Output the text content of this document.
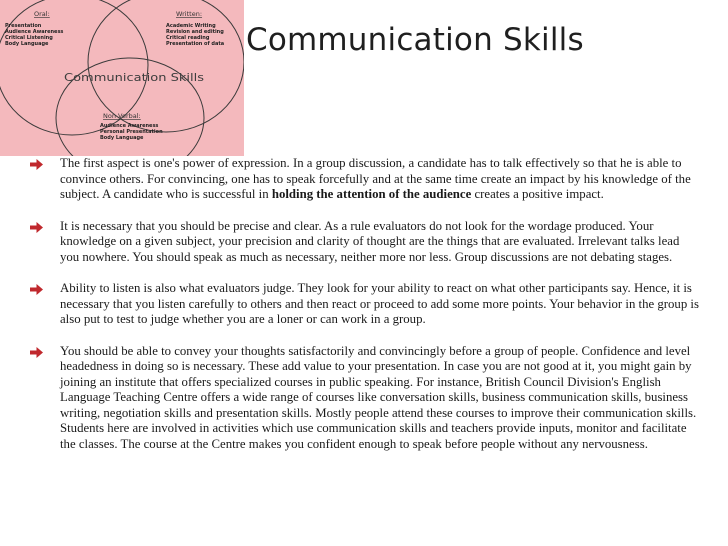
Communication Skills
Oral:
Presentation
Audience Awareness
Critical Listening
Body Language
Written:
Academic Writing
Revision and editing
Critical reading
Presentation of data
Communication Skills
Non Verbal:
Audience Awareness
Personal Presentation
Body Language
The first aspect is one's power of expression. In a group discussion, a candidate has to talk effectively so that he is able to convince others. For convincing, one has to speak forcefully and at the same time create an impact by his knowledge of the subject. A candidate who is successful in holding the attention of the audience creates a positive impact.
It is necessary that you should be precise and clear. As a rule evaluators do not look for the wordage produced. Your knowledge on a given subject, your precision and clarity of thought are the things that are evaluated. Irrelevant talks lead you nowhere. You should speak as much as necessary, neither more nor less. Group discussions are not debating stages.
Ability to listen is also what evaluators judge. They look for your ability to react on what other participants say. Hence, it is necessary that you listen carefully to others and then react or proceed to add some more points. Your behavior in the group is also put to test to judge whether you are a loner or can work in a group.
You should be able to convey your thoughts satisfactorily and convincingly before a group of people. Confidence and level headedness in doing so is necessary. These add value to your presentation. In case you are not good at it, you might gain by joining an institute that offers specialized courses in public speaking. For instance, British Council Division's English Language Teaching Centre offers a wide range of courses like conversation skills, business communication skills, business writing, negotiation skills and presentation skills. Mostly people attend these courses to improve their communication skills. Students here are involved in activities which use communication skills and teachers provide inputs, monitor and facilitate the classes. The course at the Centre makes you confident enough to speak before people without any nervousness.
